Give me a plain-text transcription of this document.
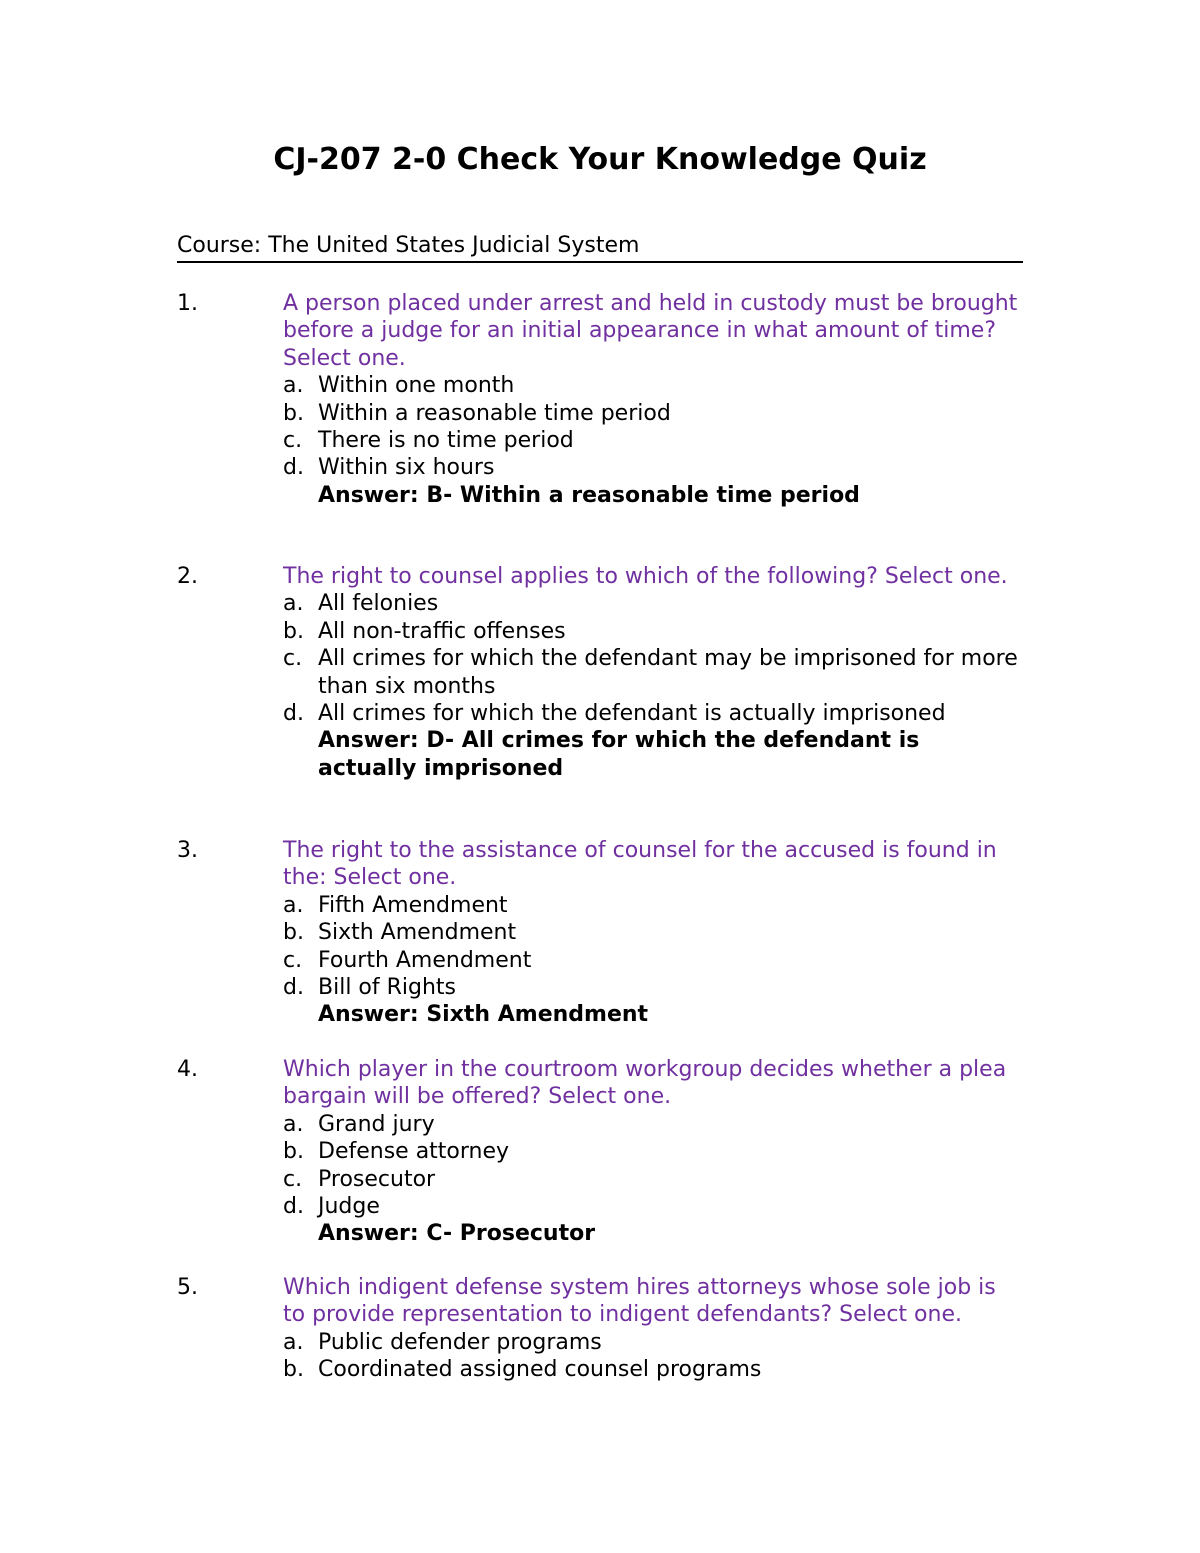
CJ-207 2-0 Check Your Knowledge Quiz
Course: The United States Judicial System
1.	A person placed under arrest and held in custody must be brought before a judge for an initial appearance in what amount of time? Select one.
a. Within one month
b. Within a reasonable time period
c. There is no time period
d. Within six hours
Answer: B- Within a reasonable time period
2.	The right to counsel applies to which of the following? Select one.
a. All felonies
b. All non-traffic offenses
c. All crimes for which the defendant may be imprisoned for more than six months
d. All crimes for which the defendant is actually imprisoned
Answer: D- All crimes for which the defendant is actually imprisoned
3.	The right to the assistance of counsel for the accused is found in the: Select one.
a. Fifth Amendment
b. Sixth Amendment
c. Fourth Amendment
d. Bill of Rights
Answer: Sixth Amendment
4.	Which player in the courtroom workgroup decides whether a plea bargain will be offered? Select one.
a. Grand jury
b. Defense attorney
c. Prosecutor
d. Judge
Answer: C- Prosecutor
5.	Which indigent defense system hires attorneys whose sole job is to provide representation to indigent defendants? Select one.
a. Public defender programs
b. Coordinated assigned counsel programs
